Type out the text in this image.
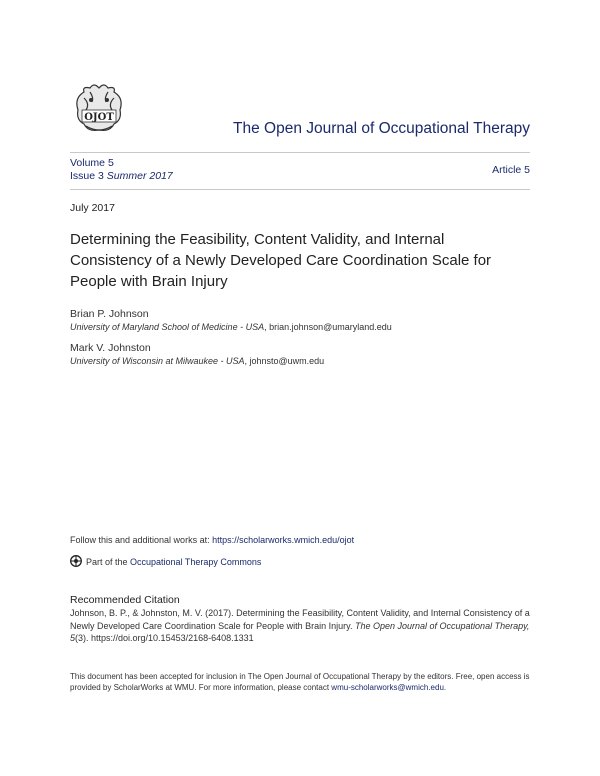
OJOT
The Open Journal of Occupational Therapy
Volume 5
Issue 3 Summer 2017	Article 5
July 2017
Determining the Feasibility, Content Validity, and Internal Consistency of a Newly Developed Care Coordination Scale for People with Brain Injury
Brian P. Johnson
University of Maryland School of Medicine - USA, brian.johnson@umaryland.edu
Mark V. Johnston
University of Wisconsin at Milwaukee - USA, johnsto@uwm.edu
Follow this and additional works at: https://scholarworks.wmich.edu/ojot
Part of the Occupational Therapy Commons
Recommended Citation
Johnson, B. P., & Johnston, M. V. (2017). Determining the Feasibility, Content Validity, and Internal Consistency of a Newly Developed Care Coordination Scale for People with Brain Injury. The Open Journal of Occupational Therapy, 5(3). https://doi.org/10.15453/2168-6408.1331
This document has been accepted for inclusion in The Open Journal of Occupational Therapy by the editors. Free, open access is provided by ScholarWorks at WMU. For more information, please contact wmu-scholarworks@wmich.edu.
